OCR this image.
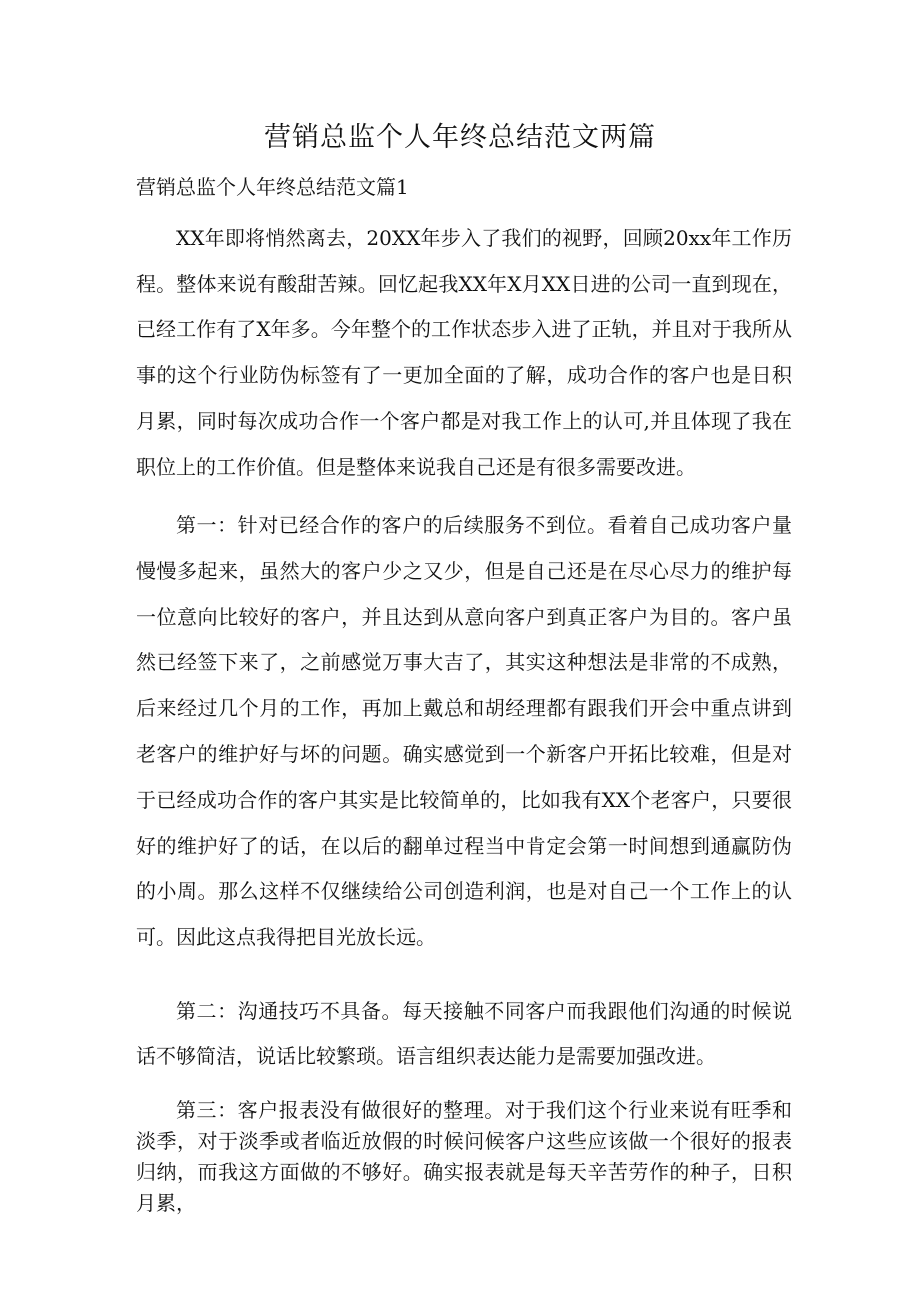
营销总监个人年终总结范文两篇
营销总监个人年终总结范文篇1

XX年即将悄然离去，20XX年步入了我们的视野，回顾20xx年工作历程。整体来说有酸甜苦辣。回忆起我XX年X月XX日进的公司一直到现在，已经工作有了X年多。今年整个的工作状态步入进了正轨，并且对于我所从事的这个行业防伪标签有了一更加全面的了解，成功合作的客户也是日积月累，同时每次成功合作一个客户都是对我工作上的认可,并且体现了我在职位上的工作价值。但是整体来说我自己还是有很多需要改进。

第一：针对已经合作的客户的后续服务不到位。看着自己成功客户量慢慢多起来，虽然大的客户少之又少，但是自己还是在尽心尽力的维护每一位意向比较好的客户，并且达到从意向客户到真正客户为目的。客户虽然已经签下来了，之前感觉万事大吉了，其实这种想法是非常的不成熟，后来经过几个月的工作，再加上戴总和胡经理都有跟我们开会中重点讲到老客户的维护好与坏的问题。确实感觉到一个新客户开拓比较难，但是对于已经成功合作的客户其实是比较简单的，比如我有XX个老客户，只要很好的维护好了的话，在以后的翻单过程当中肯定会第一时间想到通赢防伪的小周。那么这样不仅继续给公司创造利润，也是对自己一个工作上的认可。因此这点我得把目光放长远。

第二：沟通技巧不具备。每天接触不同客户而我跟他们沟通的时候说话不够简洁，说话比较繁琐。语言组织表达能力是需要加强改进。

第三：客户报表没有做很好的整理。对于我们这个行业来说有旺季和淡季，对于淡季或者临近放假的时候问候客户这些应该做一个很好的报表归纳，而我这方面做的不够好。确实报表就是每天辛苦劳作的种子，日积月累，
